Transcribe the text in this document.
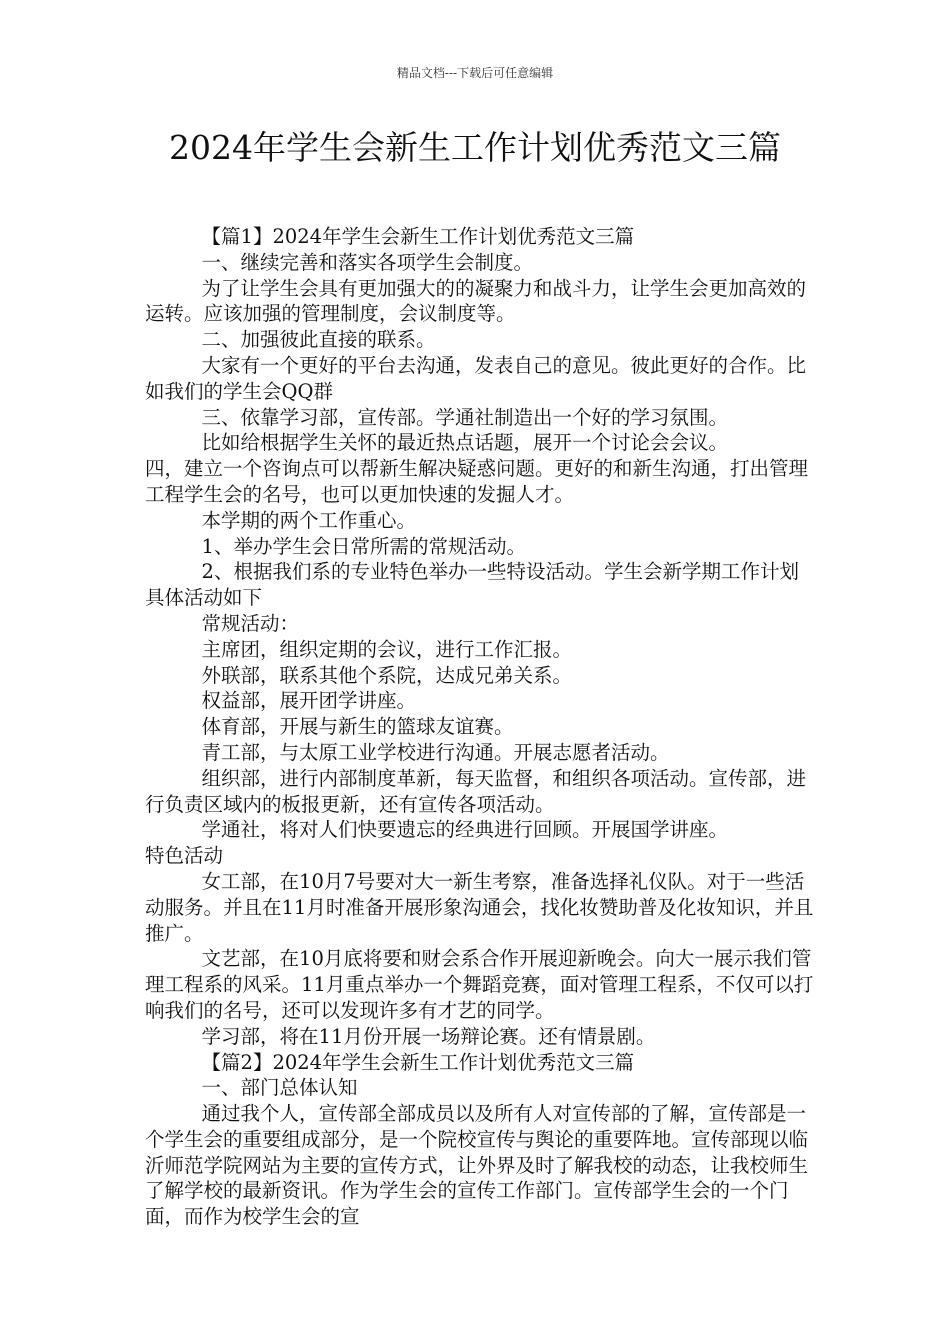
精品文档---下载后可任意编辑
2024年学生会新生工作计划优秀范文三篇

【篇1】2024年学生会新生工作计划优秀范文三篇

一、继续完善和落实各项学生会制度。

为了让学生会具有更加强大的的凝聚力和战斗力，让学生会更加高效的运转。应该加强的管理制度，会议制度等。

二、加强彼此直接的联系。

大家有一个更好的平台去沟通，发表自己的意见。彼此更好的合作。比如我们的学生会QQ群

三、依靠学习部，宣传部。学通社制造出一个好的学习氛围。

比如给根据学生关怀的最近热点话题，展开一个讨论会会议。

四，建立一个咨询点可以帮新生解决疑惑问题。更好的和新生沟通，打出管理工程学生会的名号，也可以更加快速的发掘人才。

本学期的两个工作重心。

1、举办学生会日常所需的常规活动。

2、根据我们系的专业特色举办一些特设活动。学生会新学期工作计划具体活动如下

常规活动：

主席团，组织定期的会议，进行工作汇报。

外联部，联系其他个系院，达成兄弟关系。

权益部，展开团学讲座。

体育部，开展与新生的篮球友谊赛。

青工部，与太原工业学校进行沟通。开展志愿者活动。

组织部，进行内部制度革新，每天监督，和组织各项活动。宣传部，进行负责区域内的板报更新，还有宣传各项活动。

学通社，将对人们快要遗忘的经典进行回顾。开展国学讲座。

特色活动

女工部，在10月7号要对大一新生考察，准备选择礼仪队。对于一些活动服务。并且在11月时准备开展形象沟通会，找化妆赞助普及化妆知识，并且推广。

文艺部，在10月底将要和财会系合作开展迎新晚会。向大一展示我们管理工程系的风采。11月重点举办一个舞蹈竞赛，面对管理工程系，不仅可以打响我们的名号，还可以发现许多有才艺的同学。

学习部，将在11月份开展一场辩论赛。还有情景剧。

【篇2】2024年学生会新生工作计划优秀范文三篇

一、部门总体认知

通过我个人，宣传部全部成员以及所有人对宣传部的了解，宣传部是一个学生会的重要组成部分，是一个院校宣传与舆论的重要阵地。宣传部现以临沂师范学院网站为主要的宣传方式，让外界及时了解我校的动态，让我校师生了解学校的最新资讯。作为学生会的宣传工作部门。宣传部学生会的一个门面，而作为校学生会的宣
